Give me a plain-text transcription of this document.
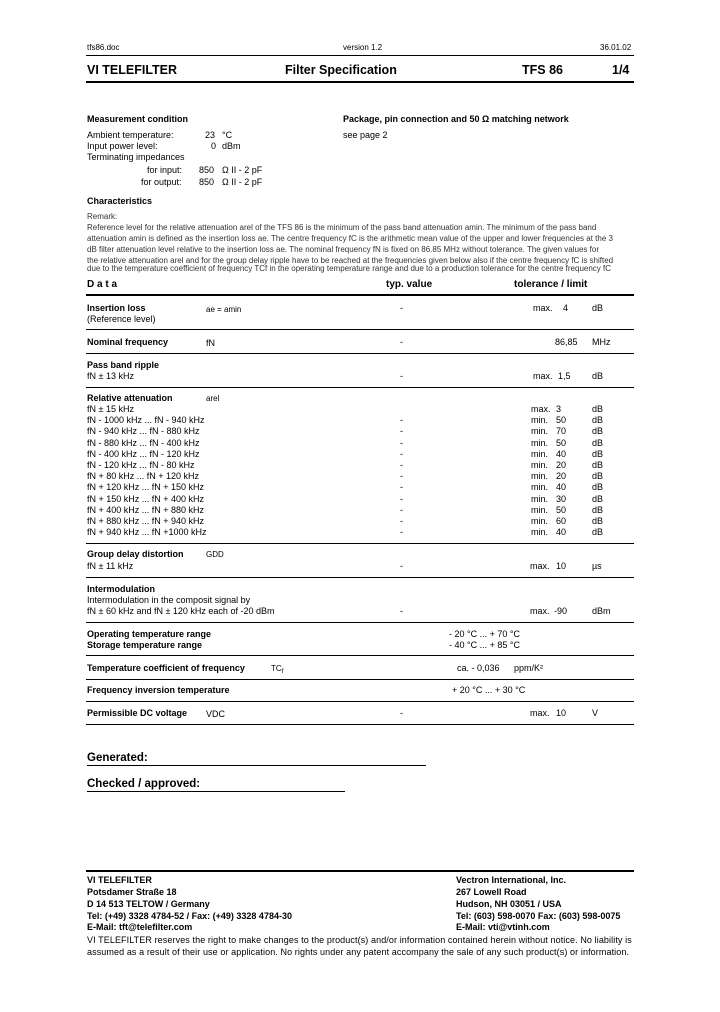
tfs86.doc	version 1.2	36.01.02
VI TELEFILTER	Filter Specification	TFS 86	1/4
Measurement condition
Ambient temperature:	23 °C
Input power level:	0 dBm
Terminating impedances
for input: 850 Ω II - 2 pF
for output: 850 Ω II - 2 pF
Package, pin connection and 50 Ω matching network
see page 2
Characteristics
Remark:
Reference level for the relative attenuation arel of the TFS 86 is the minimum of the pass band attenuation amin. The minimum of the pass band
attenuation amin is defined as the insertion loss ae. The centre frequency fC is the arithmetic mean value of the upper and lower frequencies at the 3
dB filter attenuation level relative to the insertion loss ae. The nominal frequency fN is fixed on 86.85 MHz without tolerance. The given values for
the relative attenuation arel and for the group delay ripple have to be reached at the frequencies given below also if the centre frequency fC is shifted
due to the temperature coefficient of frequency TCf in the operating temperature range and due to a production tolerance for the centre frequency fC
D a t a	typ. value	tolerance / limit
Insertion loss
(Reference level)
ae = amin	-	max. 4	dB
Nominal frequency	fN	-	86,85 MHz
Pass band ripple
fN ± 13 kHz	-	max. 1,5 dB
Relative attenuation	arel
fN ± 15 kHz	max. 3	dB
fN - 1000 kHz ... fN - 940 kHz	-	min. 50	dB
fN - 940 kHz ... fN - 880 kHz	-	min. 70	dB
fN - 880 kHz ... fN - 400 kHz	-	min. 50	dB
fN - 400 kHz ... fN - 120 kHz	-	min. 40	dB
fN - 120 kHz ... fN - 80 kHz	-	min. 20	dB
fN + 80 kHz ... fN + 120 kHz	-	min. 20	dB
fN + 120 kHz ... fN + 150 kHz	-	min. 40	dB
fN + 150 kHz ... fN + 400 kHz	-	min. 30	dB
fN + 400 kHz ... fN + 880 kHz	-	min. 50	dB
fN + 880 kHz ... fN + 940 kHz	-	min. 60	dB
fN + 940 kHz ... fN +1000 kHz	-	min. 40	dB
Group delay distortion	GDD
fN ± 11 kHz	-	max. 10	µs
Intermodulation
Intermodulation in the composit signal by
fN ± 60 kHz and fN ± 120 kHz each of -20 dBm	-	max. -90	dBm
Operating temperature range	- 20 °C ... + 70 °C
Storage temperature range	- 40 °C ... + 85 °C
Temperature coefficient of frequency	$TC_f$	ca. - 0,036 ppm/K²
Frequency inversion temperature	+ 20 °C ... + 30 °C
Permissible DC voltage VDC	-	max. 10	V
Generated:
Checked / approved:
VI TELEFILTER
Potsdamer Straße 18
D 14 513 TELTOW / Germany
Tel: (+49) 3328 4784-52 / Fax: (+49) 3328 4784-30
E-Mail: tft@telefilter.com
Vectron International, Inc.
267 Lowell Road
Hudson, NH 03051 / USA
Tel: (603) 598-0070 Fax: (603) 598-0075
E-Mail: vti@vtinh.com
VI TELEFILTER reserves the right to make changes to the product(s) and/or information contained herein without notice. No liability is
assumed as a result of their use or application. No rights under any patent accompany the sale of any such product(s) or information.
